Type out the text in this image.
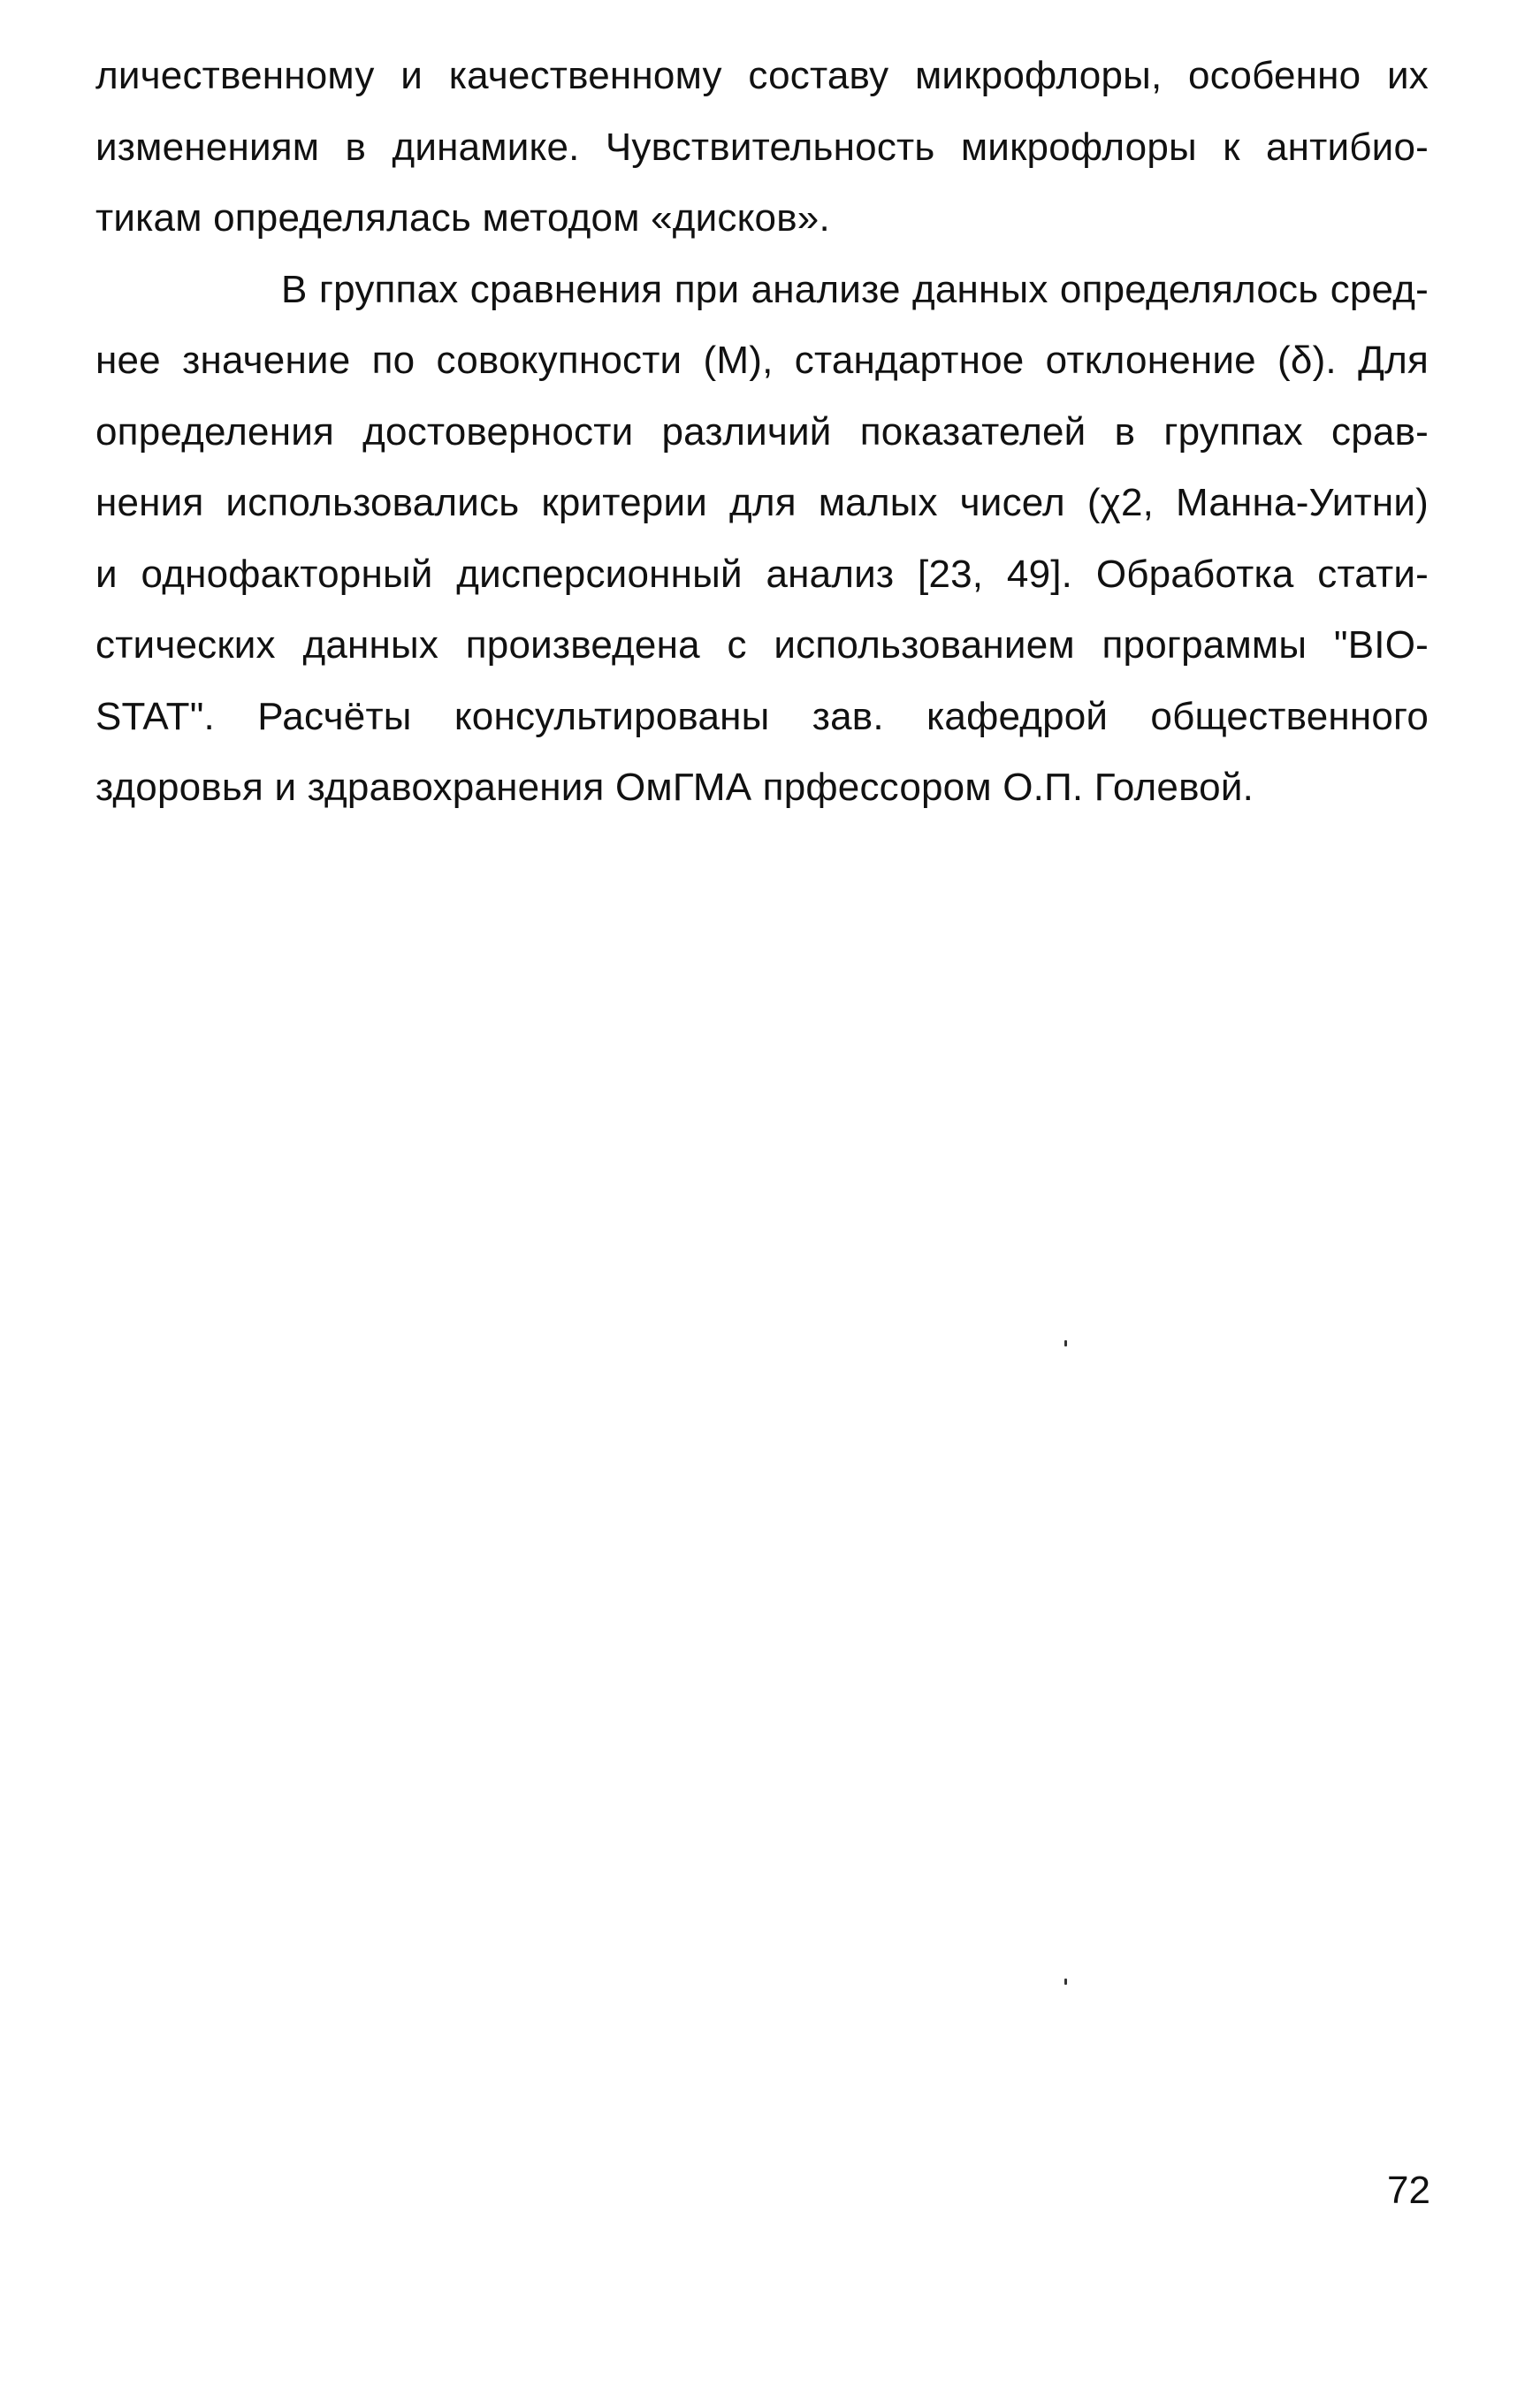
личественному и качественному составу микрофлоры, особенно их
изменениям в динамике. Чувствительность микрофлоры к антибио-
тикам определялась методом «дисков».
В группах сравнения при анализе данных определялось сред-
нее значение по совокупности (М), стандартное отклонение (δ). Для
определения достоверности различий показателей в группах срав-
нения использовались критерии для малых чисел (χ2, Манна-Уитни)
и однофакторный дисперсионный анализ [23, 49]. Обработка стати-
стических данных произведена с использованием программы "BIO-
STAT". Расчёты консультированы зав. кафедрой общественного
здоровья и здравохранения ОмГМА прфессором О.П. Голевой.
72
